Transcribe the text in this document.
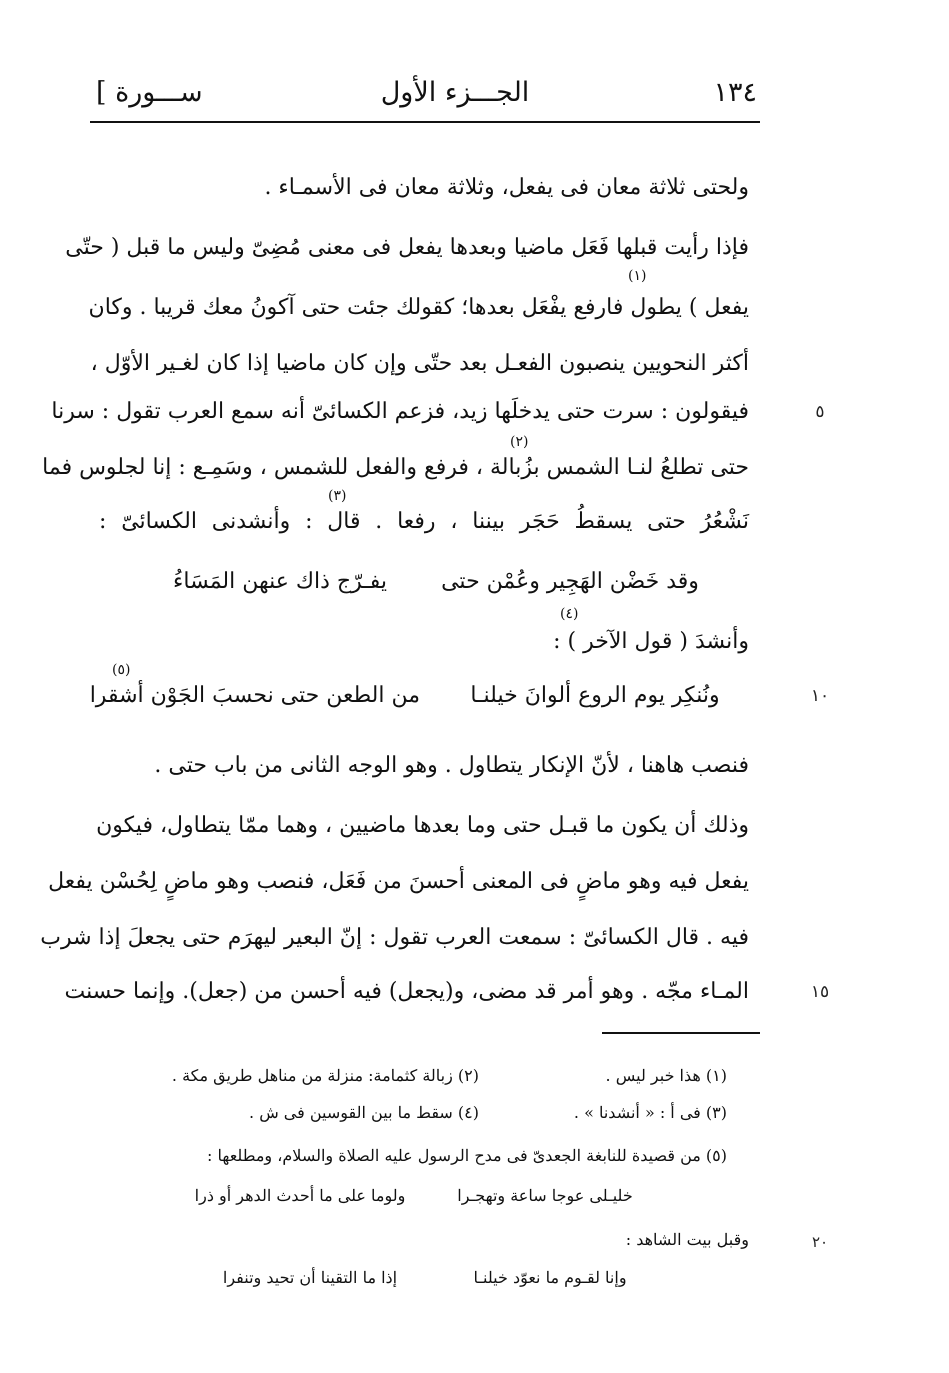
١٣٤
الجـــزء الأول
[ ســـورة
ولحتى ثلاثة معان فى يفعل، وثلاثة معان فى الأسمـاء .
فإذا رأيت قبلها فَعَل ماضيا وبعدها يفعل فى معنى مُضِىّ وليس ما قبل ( حتّى
(١)
يفعل ) يطول فارفع يفْعَل بعدها؛ كقولك جئت حتى آكونُ معك قريبا . وكان
أكثر النحويين ينصبون الفعـل بعد حتّى وإن كان ماضيا إذا كان لغـير الأوّل ،
فيقولون : سرت حتى يدخلَها زيد، فزعم الكسائىّ أنه سمع العرب تقول : سرنا	٥
(٢)
حتى تطلعُ لنـا الشمس بزُبالة ، فرفع والفعل للشمس ، وسَمِـع : إنا لجلوس فما
(٣)
نَشْعُرُ حتى يسقطُ حَجَر بيننا ، رفعا . قال : وأنشدنى الكسائىّ :
وقد خَضْن الهَجِير وعُمْن حتى
يفـرّج ذاك عنهن المَسَاءُ
(٤)
وأنشدَ ( قول الآخر ) :
(٥)
ونُنكِر يوم الروع ألوانَ خيلنـا
من الطعن حتى نحسبَ الجَوْن أشقرا	١٠
فنصب هاهنا ، لأنّ الإنكار يتطاول . وهو الوجه الثانى من باب حتى .
وذلك أن يكون ما قبـل حتى وما بعدها ماضيين ، وهما ممّا يتطاول، فيكون
يفعل فيه وهو ماضٍ فى المعنى أحسنَ من فَعَل، فنصب وهو ماضٍ لِحُسْن يفعل
فيه . قال الكسائىّ : سمعت العرب تقول : إنّ البعير ليهرَم حتى يجعلَ إذا شرب
المـاء مجّه . وهو أمر قد مضى، و(يجعل) فيه أحسن من (جعل). وإنما حسنت	١٥
(١) هذا خبر ليس .
(٢) زبالة كثمامة: منزلة من مناهل طريق مكة .
(٣) فى أ : « أنشدنا » .
(٤) سقط ما بين القوسين فى ش .
(٥) من قصيدة للنابغة الجعدىّ فى مدح الرسول عليه الصلاة والسلام، ومطلعها :
خليـلى عوجا ساعة وتهجـرا
ولوما على ما أحدث الدهر أو ذرا
وقبل بيت الشاهد :	٢٠
وإنا لقـوم ما نعوّد خيلنـا
إذا ما التقينا أن تحيد وتنفرا
